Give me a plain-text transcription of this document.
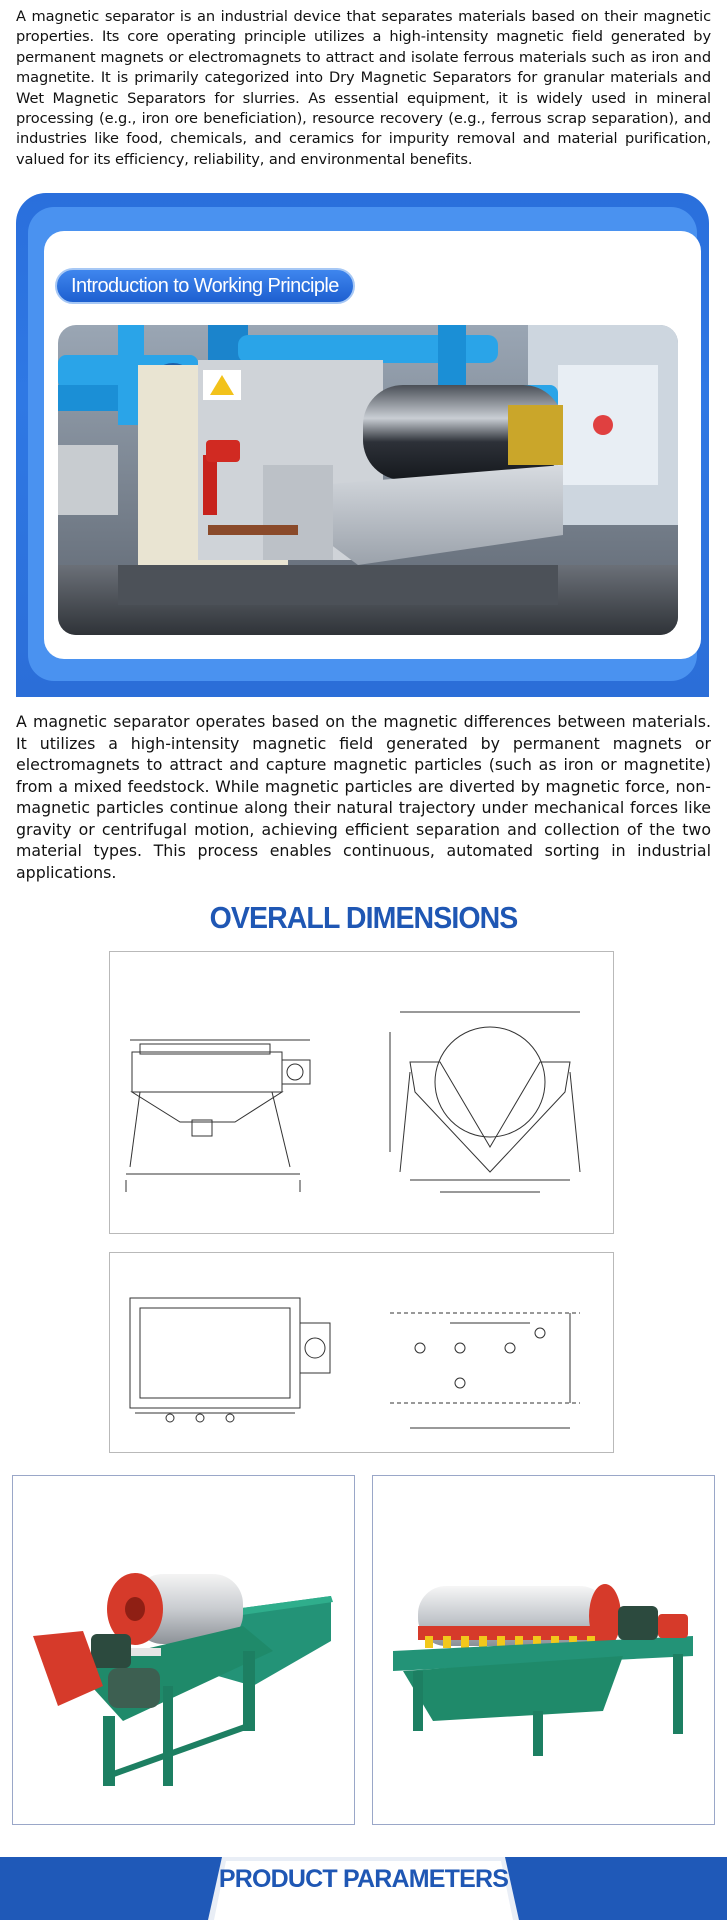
A magnetic separator is an industrial device that separates materials based on their magnetic properties. Its core operating principle utilizes a high-intensity magnetic field generated by permanent magnets or electromagnets to attract and isolate ferrous materials such as iron and magnetite. It is primarily categorized into Dry Magnetic Separators for granular materials and Wet Magnetic Separators for slurries. As essential equipment, it is widely used in mineral processing (e.g., iron ore beneficiation), resource recovery (e.g., ferrous scrap separation), and industries like food, chemicals, and ceramics for impurity removal and material purification, valued for its efficiency, reliability, and environmental benefits.

Introduction to Working Principle

A magnetic separator operates based on the magnetic differences between materials. It utilizes a high-intensity magnetic field generated by permanent magnets or electromagnets to attract and capture magnetic particles (such as iron or magnetite) from a mixed feedstock. While magnetic particles are diverted by magnetic force, non-magnetic particles continue along their natural trajectory under mechanical forces like gravity or centrifugal motion, achieving efficient separation and collection of the two material types. This process enables continuous, automated sorting in industrial applications.

OVERALL DIMENSIONS
PRODUCT PARAMETERS
